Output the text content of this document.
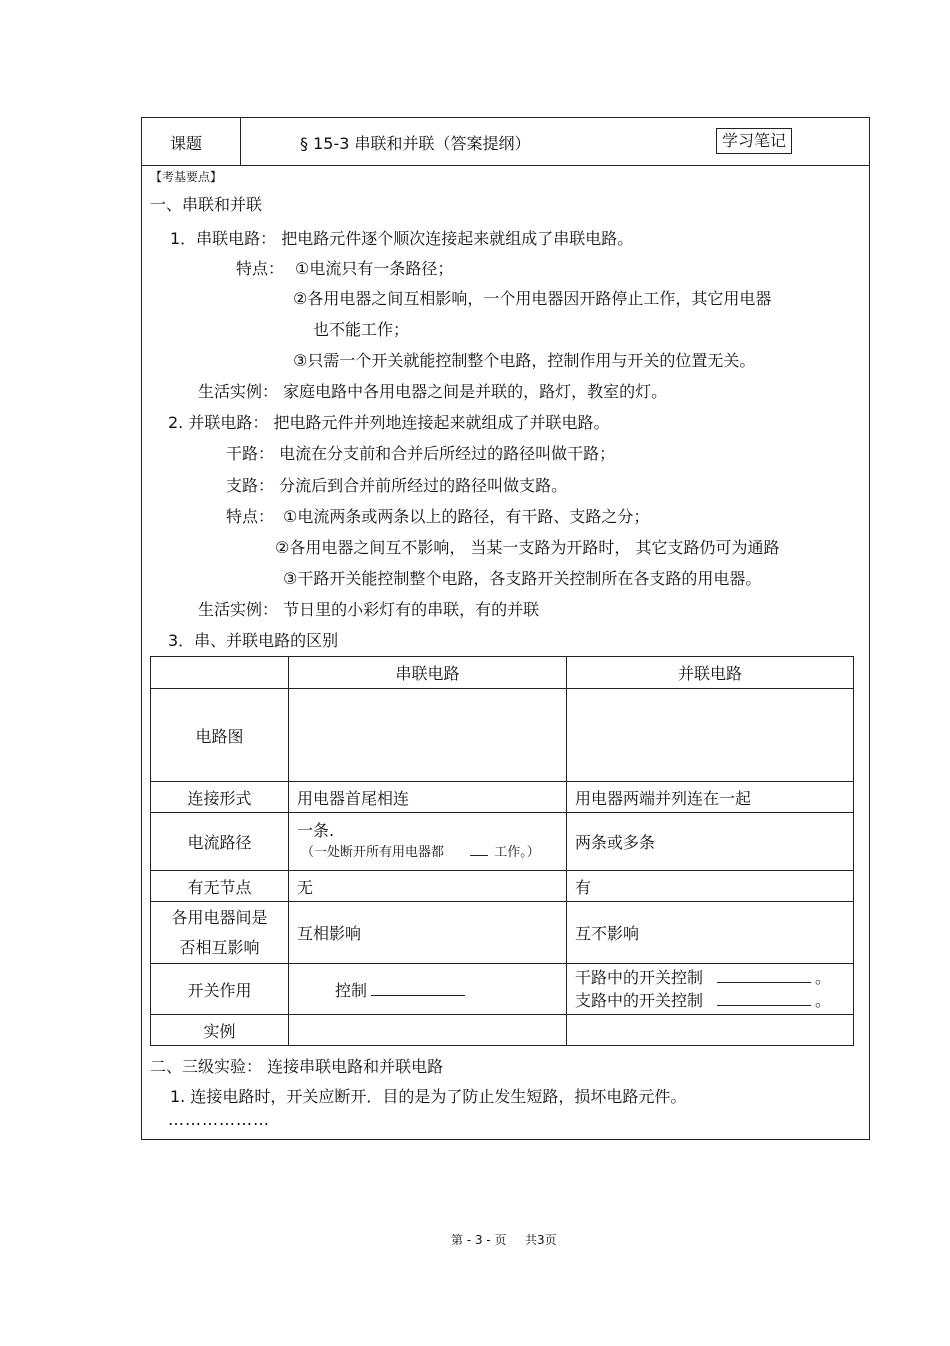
课题	§ 15-3 串联和并联（答案提纲）	学习笔记
【考基要点】
一、串联和并联
1．串联电路： 把电路元件逐个顺次连接起来就组成了串联电路。
特点： ①电流只有一条路径；
②各用电器之间互相影响，一个用电器因开路停止工作，其它用电器
也不能工作；
③只需一个开关就能控制整个电路，控制作用与开关的位置无关。
生活实例： 家庭电路中各用电器之间是并联的，路灯，教室的灯。
2. 并联电路： 把电路元件并列地连接起来就组成了并联电路。
干路： 电流在分支前和合并后所经过的路径叫做干路；
支路： 分流后到合并前所经过的路径叫做支路。
特点： ①电流两条或两条以上的路径，有干路、支路之分；
②各用电器之间互不影响， 当某一支路为开路时， 其它支路仍可为通路
③干路开关能控制整个电路，各支路开关控制所在各支路的用电器。
生活实例： 节日里的小彩灯有的串联，有的并联
3．串、并联电路的区别
	串联电路	并联电路
电路图		
连接形式	用电器首尾相连	用电器两端并列连在一起
电流路径	一条.
（一处断开所有用电器都 工作。）	两条或多条
有无节点	无	有

各用电器间是
否相互影响	互相影响	互不影响
开关作用	控制	干路中的开关控制 。
支路中的开关控制 。

实例		
二、三级实验： 连接串联电路和并联电路
1. 连接电路时，开关应断开．目的是为了防止发生短路，损坏电路元件。
………………
第 - 3 - 页 共3页
